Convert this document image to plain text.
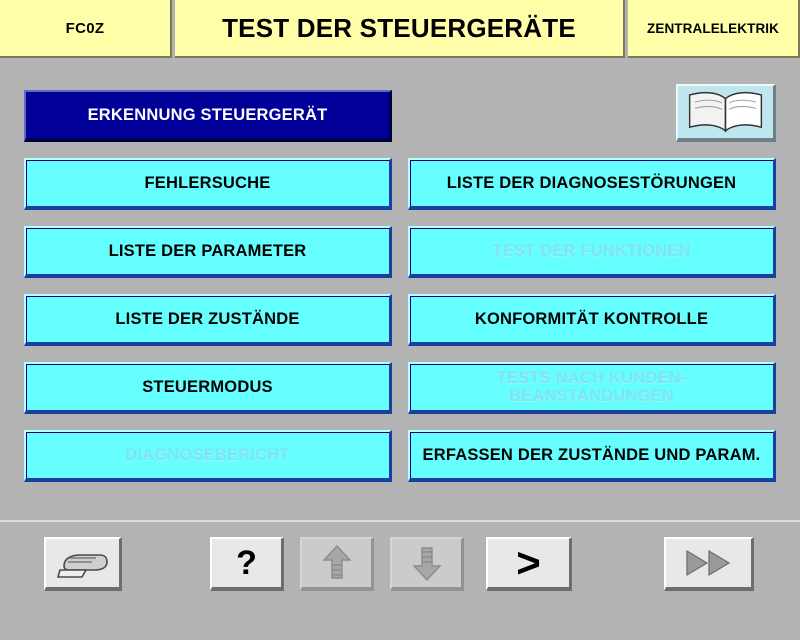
FC0Z	TEST DER STEUERGERÄTE	ZENTRALELEKTRIK
ERKENNUNG STEUERGERÄT
FEHLERSUCHE
LISTE DER PARAMETER
LISTE DER ZUSTÄNDE
STEUERMODUS
DIAGNOSEBERICHT
LISTE DER DIAGNOSESTÖRUNGEN
TEST DER FUNKTIONEN
KONFORMITÄT KONTROLLE
TESTS NACH KUNDEN-BEANSTANDUNGEN
ERFASSEN DER ZUSTÄNDE UND PARAM.
?	>
